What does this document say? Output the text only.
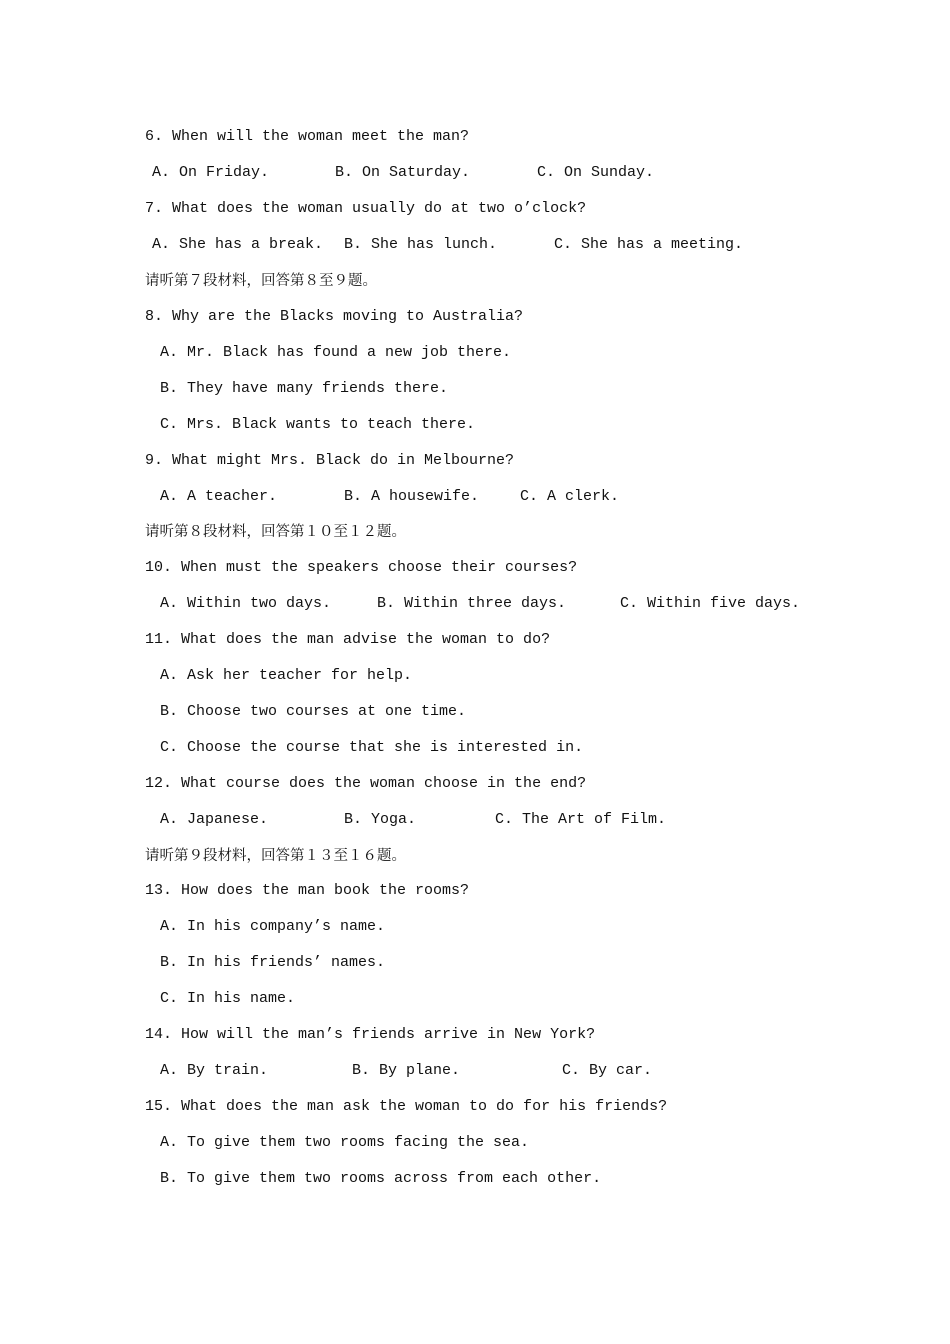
6. When will the woman meet the man?
A. On Friday.	B. On Saturday.	C. On Sunday.
7. What does the woman usually do at two o’clock?
A. She has a break. B. She has lunch.	C. She has a meeting.
请听第７段材料，回答第８至９题。
8. Why are the Blacks moving to Australia?
A. Mr. Black has found a new job there.
B. They have many friends there.
C. Mrs. Black wants to teach there.
9. What might Mrs. Black do in Melbourne?
A. A teacher.	B. A housewife.	C. A clerk.
请听第８段材料，回答第１０至１２题。
10. When must the speakers choose their courses?
A. Within two days.	B. Within three days.	C. Within five days.
11. What does the man advise the woman to do?
A. Ask her teacher for help.
B. Choose two courses at one time.
C. Choose the course that she is interested in.
12. What course does the woman choose in the end?
A. Japanese.	B. Yoga.	C. The Art of Film.
请听第９段材料，回答第１３至１６题。
13. How does the man book the rooms?
A. In his company’s name.
B. In his friends’ names.
C. In his name.
14. How will the man’s friends arrive in New York?
A. By train.	B. By plane.	C. By car.
15. What does the man ask the woman to do for his friends?
A. To give them two rooms facing the sea.
B. To give them two rooms across from each other.
